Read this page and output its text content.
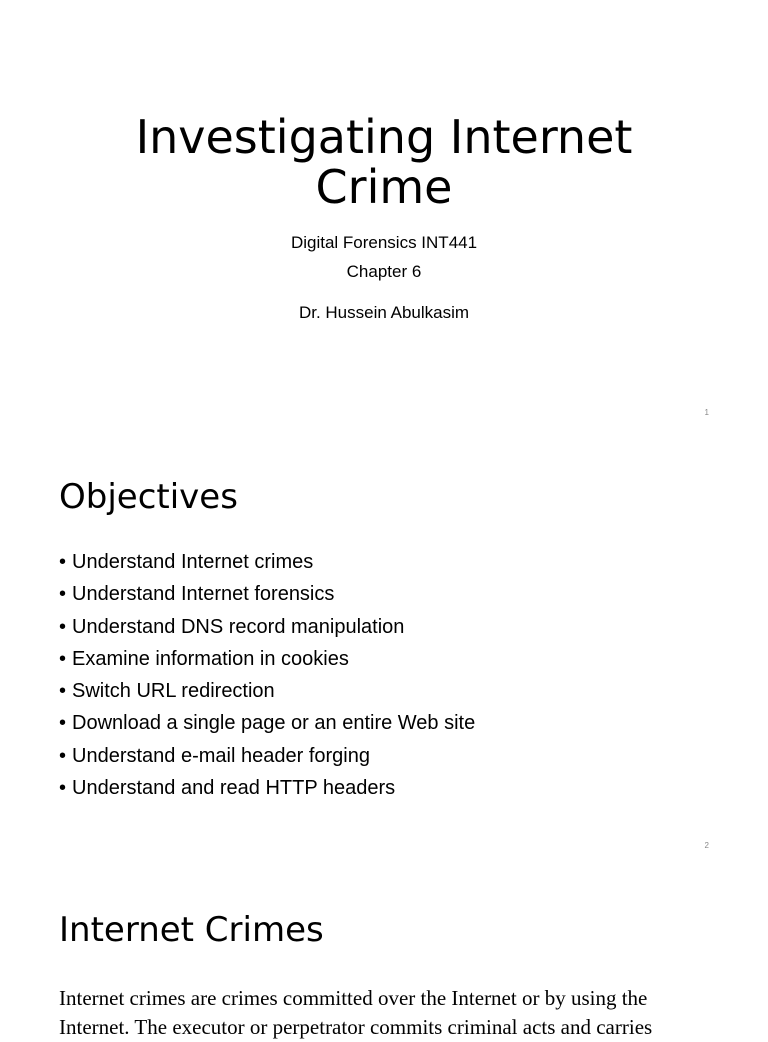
Investigating Internet
Crime
Digital Forensics INT441
Chapter 6
Dr. Hussein Abulkasim
1
Objectives
• Understand Internet crimes
• Understand Internet forensics
• Understand DNS record manipulation
• Examine information in cookies
• Switch URL redirection
• Download a single page or an entire Web site
• Understand e-mail header forging
• Understand and read HTTP headers
2
Internet Crimes

Internet crimes are crimes committed over the Internet or by using the
Internet. The executor or perpetrator commits criminal acts and carries
